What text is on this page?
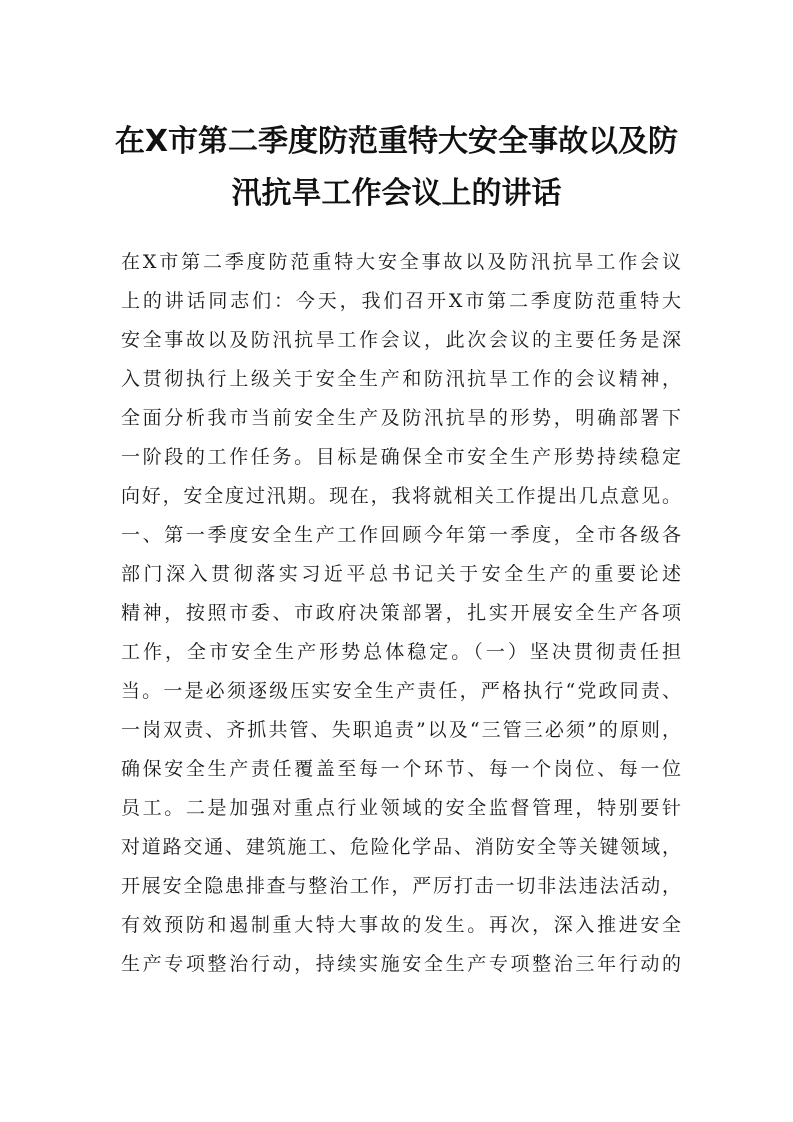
在X市第二季度防范重特大安全事故以及防
汛抗旱工作会议上的讲话
在X市第二季度防范重特大安全事故以及防汛抗旱工作会议
上的讲话同志们：今天，我们召开X市第二季度防范重特大
安全事故以及防汛抗旱工作会议，此次会议的主要任务是深
入贯彻执行上级关于安全生产和防汛抗旱工作的会议精神，
全面分析我市当前安全生产及防汛抗旱的形势，明确部署下
一阶段的工作任务。目标是确保全市安全生产形势持续稳定
向好，安全度过汛期。现在，我将就相关工作提出几点意见。
一、第一季度安全生产工作回顾今年第一季度，全市各级各
部门深入贯彻落实习近平总书记关于安全生产的重要论述
精神，按照市委、市政府决策部署，扎实开展安全生产各项
工作，全市安全生产形势总体稳定。（一）坚决贯彻责任担
当。一是必须逐级压实安全生产责任，严格执行“党政同责、
一岗双责、齐抓共管、失职追责”以及“三管三必须”的原则，
确保安全生产责任覆盖至每一个环节、每一个岗位、每一位
员工。二是加强对重点行业领域的安全监督管理，特别要针
对道路交通、建筑施工、危险化学品、消防安全等关键领域，
开展安全隐患排查与整治工作，严厉打击一切非法违法活动，
有效预防和遏制重大特大事故的发生。再次，深入推进安全
生产专项整治行动，持续实施安全生产专项整治三年行动的
